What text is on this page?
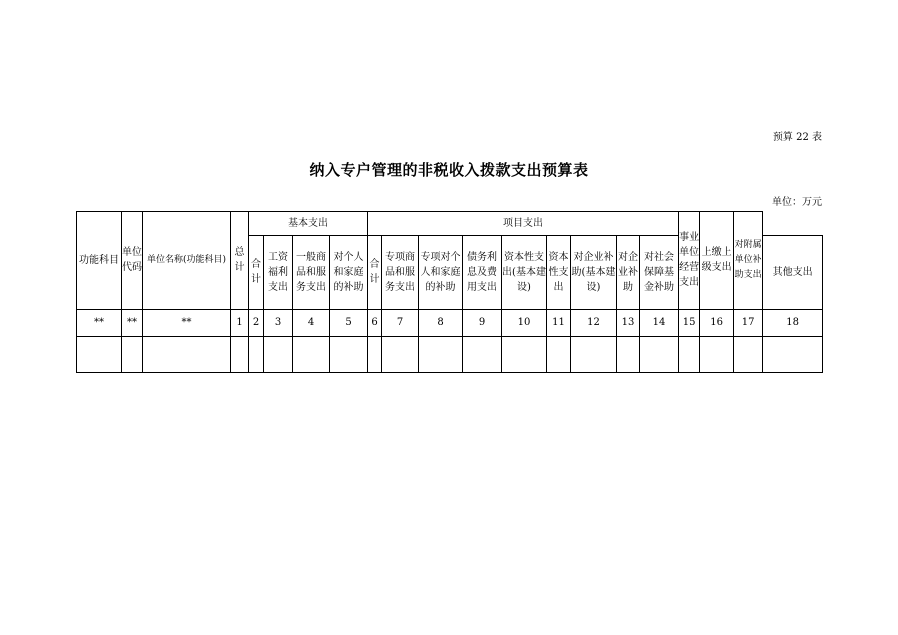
预算 22 表
纳入专户管理的非税收入拨款支出预算表
单位：万元
功能科目	单位代码	单位名称(功能科目)	总计	基本支出				项目支出									事业单位经营支出	上缴上级支出	对附属单位补助支出	
				合计	工资福利支出	一般商品和服务支出	对个人和家庭的补助	合计	专项商品和服务支出	专项对个人和家庭的补助	债务利息及费用支出	资本性支出(基本建设)	资本性支出	对企业补助(基本建设)	对企业补助	对社会保障基金补助				其他支出
**	**	**	1	2	3	4	5	6	7	8	9	10	11	12	13	14	15	16	17	18
